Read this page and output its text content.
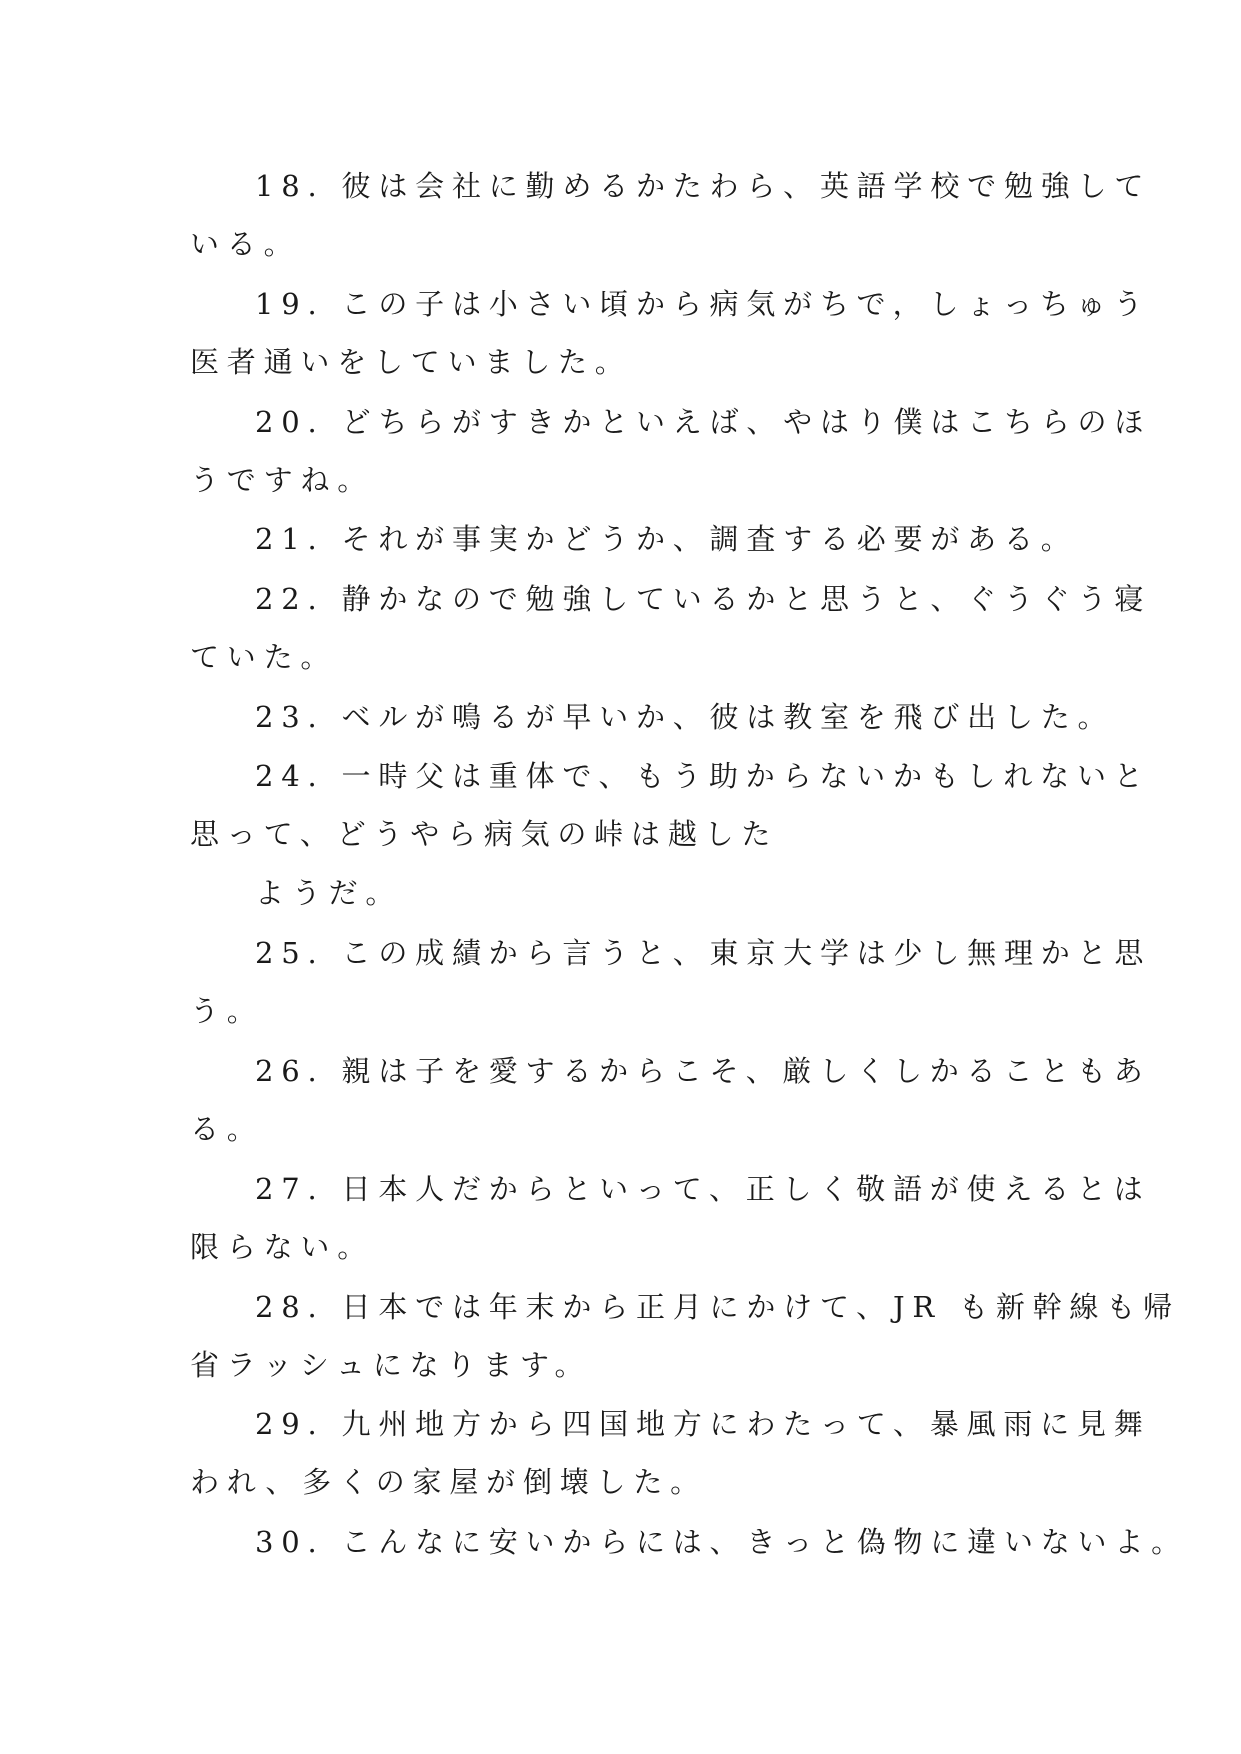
18. 彼は会社に勤めるかたわら、英語学校で勉強して
いる。
19. この子は小さい頃から病気がちで，しょっちゅう
医者通いをしていました。
20. どちらがすきかといえば、やはり僕はこちらのほ
うですね。
21. それが事実かどうか、調査する必要がある。
22. 静かなので勉強しているかと思うと、ぐうぐう寝
ていた。
23. ベルが鳴るが早いか、彼は教室を飛び出した。
24. 一時父は重体で、もう助からないかもしれないと
思って、どうやら病気の峠は越した
ようだ。
25. この成績から言うと、東京大学は少し無理かと思
う。
26. 親は子を愛するからこそ、厳しくしかることもあ
る。
27. 日本人だからといって、正しく敬語が使えるとは
限らない。
28. 日本では年末から正月にかけて、JR も新幹線も帰
省ラッシュになります。
29. 九州地方から四国地方にわたって、暴風雨に見舞
われ、多くの家屋が倒壊した。
30. こんなに安いからには、きっと偽物に違いないよ。
